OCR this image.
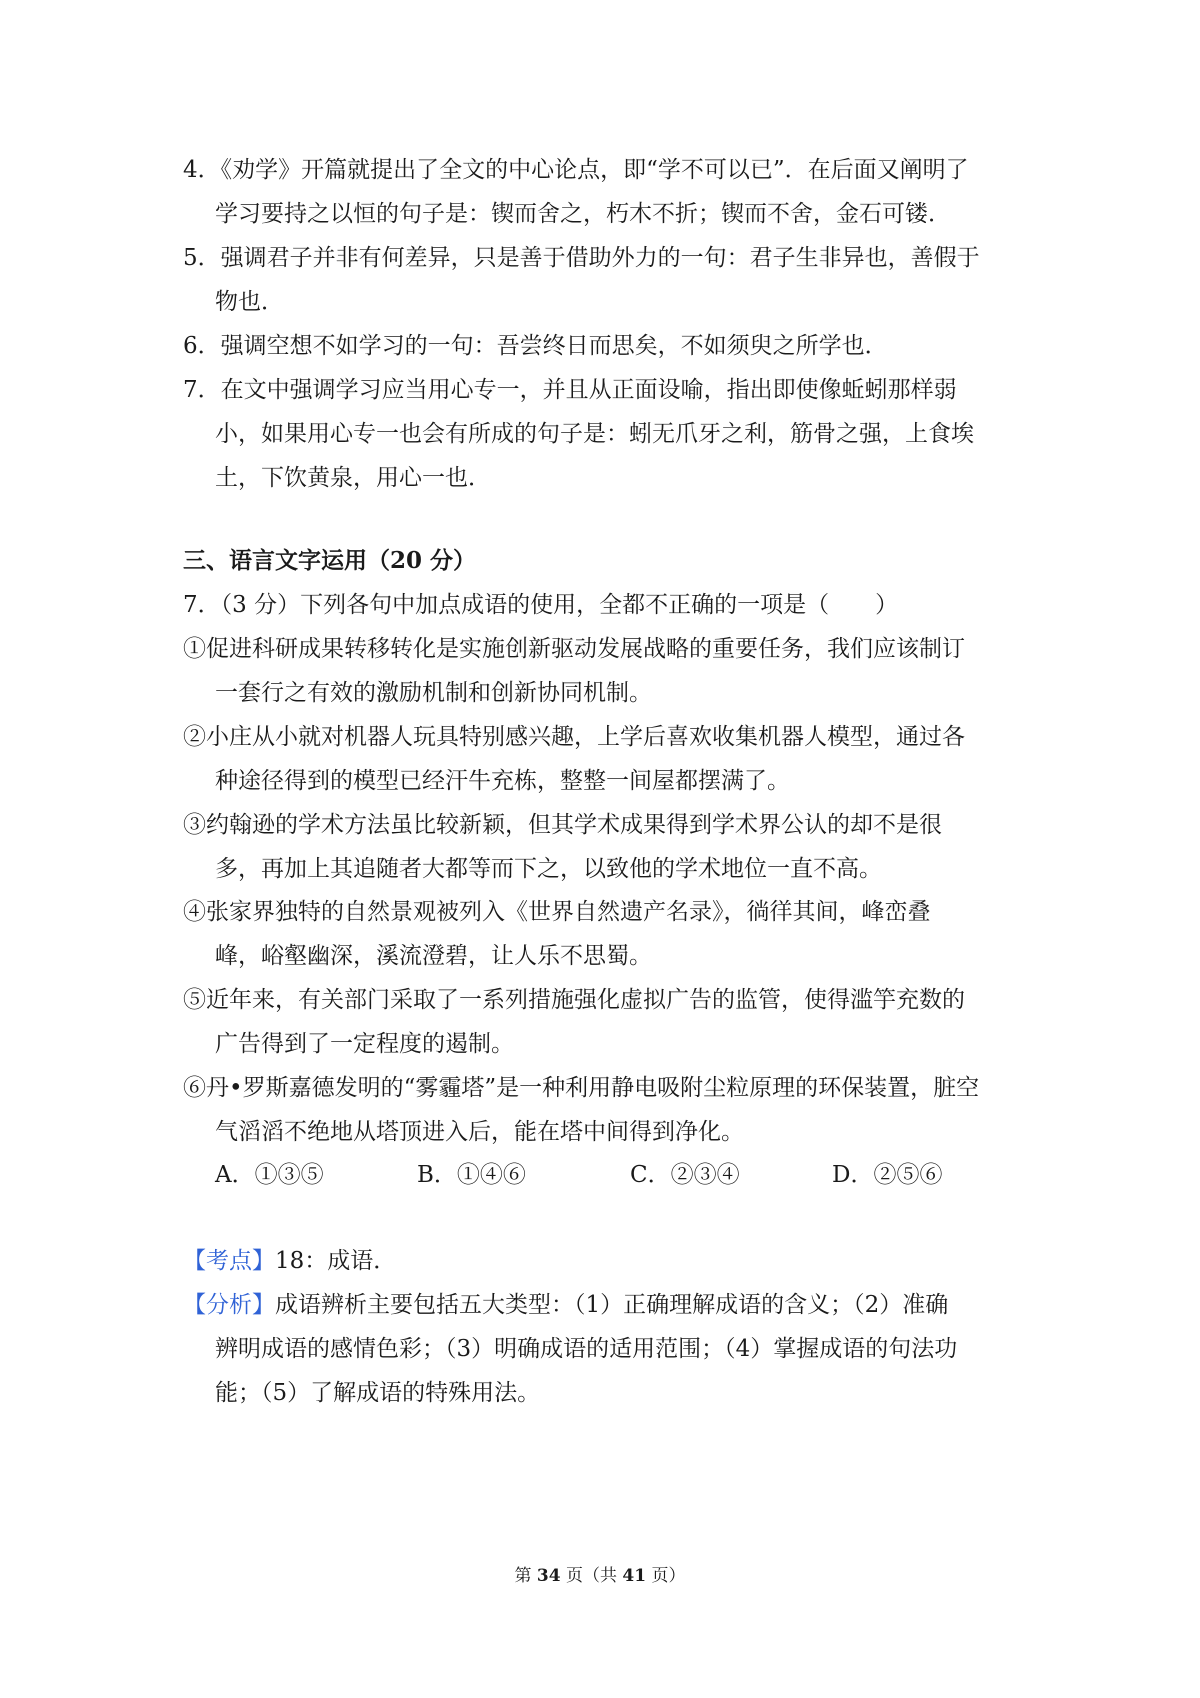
4．《劝学》开篇就提出了全文的中心论点，即“学不可以已”．在后面又阐明了
学习要持之以恒的句子是：锲而舍之，朽木不折；锲而不舍，金石可镂．
5．强调君子并非有何差异，只是善于借助外力的一句：君子生非异也，善假于
物也．
6．强调空想不如学习的一句：吾尝终日而思矣，不如须臾之所学也．
7．在文中强调学习应当用心专一，并且从正面设喻，指出即使像蚯蚓那样弱
小，如果用心专一也会有所成的句子是：蚓无爪牙之利，筋骨之强，上食埃
土，下饮黄泉，用心一也．
三、语言文字运用（20 分）
7．（3 分）下列各句中加点成语的使用，全都不正确的一项是（　　）
①促进科研成果转移转化是实施创新驱动发展战略的重要任务，我们应该制订
一套行之有效的激励机制和创新协同机制。
②小庄从小就对机器人玩具特别感兴趣，上学后喜欢收集机器人模型，通过各
种途径得到的模型已经汗牛充栋，整整一间屋都摆满了。
③约翰逊的学术方法虽比较新颖，但其学术成果得到学术界公认的却不是很
多，再加上其追随者大都等而下之，以致他的学术地位一直不高。
④张家界独特的自然景观被列入《世界自然遗产名录》，徜徉其间，峰峦叠
峰，峪壑幽深，溪流澄碧，让人乐不思蜀。
⑤近年来，有关部门采取了一系列措施强化虚拟广告的监管，使得滥竽充数的
广告得到了一定程度的遏制。
⑥丹•罗斯嘉德发明的“雾霾塔”是一种利用静电吸附尘粒原理的环保装置，脏空
气滔滔不绝地从塔顶进入后，能在塔中间得到净化。
A．①③⑤	B．①④⑥	C．②③④	D．②⑤⑥
【考点】18：成语．
【分析】成语辨析主要包括五大类型：（1）正确理解成语的含义；（2）准确
辨明成语的感情色彩；（3）明确成语的适用范围；（4）掌握成语的句法功
能；（5）了解成语的特殊用法。
第 34 页（共 41 页）
